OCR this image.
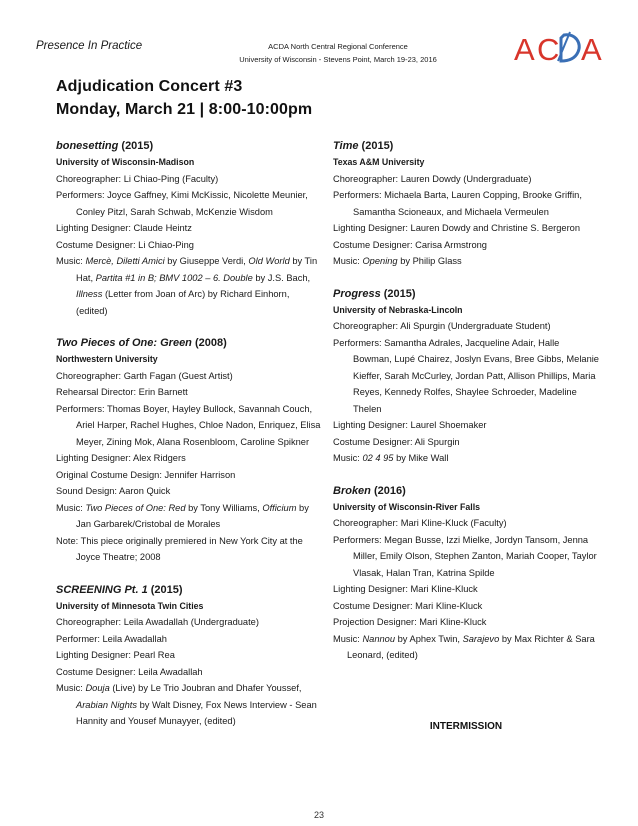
Presence In Practice	ACDA North Central Regional Conference
University of Wisconsin - Stevens Point, March 19-23, 2016	A C A
Adjudication Concert #3
Monday, March 21 | 8:00-10:00pm
bonesetting (2015)
University of Wisconsin-Madison
Choreographer: Li Chiao-Ping (Faculty)
Performers: Joyce Gaffney, Kimi McKissic, Nicolette Meunier, Conley Pitzl, Sarah Schwab, McKenzie Wisdom
Lighting Designer: Claude Heintz
Costume Designer: Li Chiao-Ping
Music: Mercè, Diletti Amici by Giuseppe Verdi, Old World by Tin Hat, Partita #1 in B; BMV 1002 – 6. Double by J.S. Bach, Illness (Letter from Joan of Arc) by Richard Einhorn, (edited)
Two Pieces of One: Green (2008)
Northwestern University
Choreographer: Garth Fagan (Guest Artist)
Rehearsal Director: Erin Barnett
Performers: Thomas Boyer, Hayley Bullock, Savannah Couch, Ariel Harper, Rachel Hughes, Chloe Nadon, Enriquez, Elisa Meyer, Zining Mok, Alana Rosenbloom, Caroline Spikner
Lighting Designer: Alex Ridgers
Original Costume Design: Jennifer Harrison
Sound Design: Aaron Quick
Music: Two Pieces of One: Red by Tony Williams, Officium by Jan Garbarek/Cristobal de Morales
Note: This piece originally premiered in New York City at the Joyce Theatre; 2008
SCREENING Pt. 1 (2015)
University of Minnesota Twin Cities
Choreographer: Leila Awadallah (Undergraduate)
Performer: Leila Awadallah
Lighting Designer: Pearl Rea
Costume Designer: Leila Awadallah
Music: Douja (Live) by Le Trio Joubran and Dhafer Youssef, Arabian Nights by Walt Disney, Fox News Interview - Sean Hannity and Yousef Munayyer, (edited)
Time (2015)
Texas A&M University
Choreographer: Lauren Dowdy (Undergraduate)
Performers: Michaela Barta, Lauren Copping, Brooke Griffin, Samantha Scioneaux, and Michaela Vermeulen
Lighting Designer: Lauren Dowdy and Christine S. Bergeron
Costume Designer: Carisa Armstrong
Music: Opening by Philip Glass
Progress (2015)
University of Nebraska-Lincoln
Choreographer: Ali Spurgin (Undergraduate Student)
Performers: Samantha Adrales, Jacqueline Adair, Halle Bowman, Lupé Chairez, Joslyn Evans, Bree Gibbs, Melanie Kieffer, Sarah McCurley, Jordan Patt, Allison Phillips, Maria Reyes, Kennedy Rolfes, Shaylee Schroeder, Madeline Thelen
Lighting Designer: Laurel Shoemaker
Costume Designer: Ali Spurgin
Music: 02 4 95 by Mike Wall
Broken (2016)
University of Wisconsin-River Falls
Choreographer: Mari Kline-Kluck (Faculty)
Performers: Megan Busse, Izzi Mielke, Jordyn Tansom, Jenna Miller, Emily Olson, Stephen Zanton, Mariah Cooper, Taylor Vlasak, Halan Tran, Katrina Spilde
Lighting Designer: Mari Kline-Kluck
Costume Designer: Mari Kline-Kluck
Projection Designer: Mari Kline-Kluck
Music: Nannou by Aphex Twin, Sarajevo by Max Richter & Sara Leonard, (edited)
INTERMISSION
23
